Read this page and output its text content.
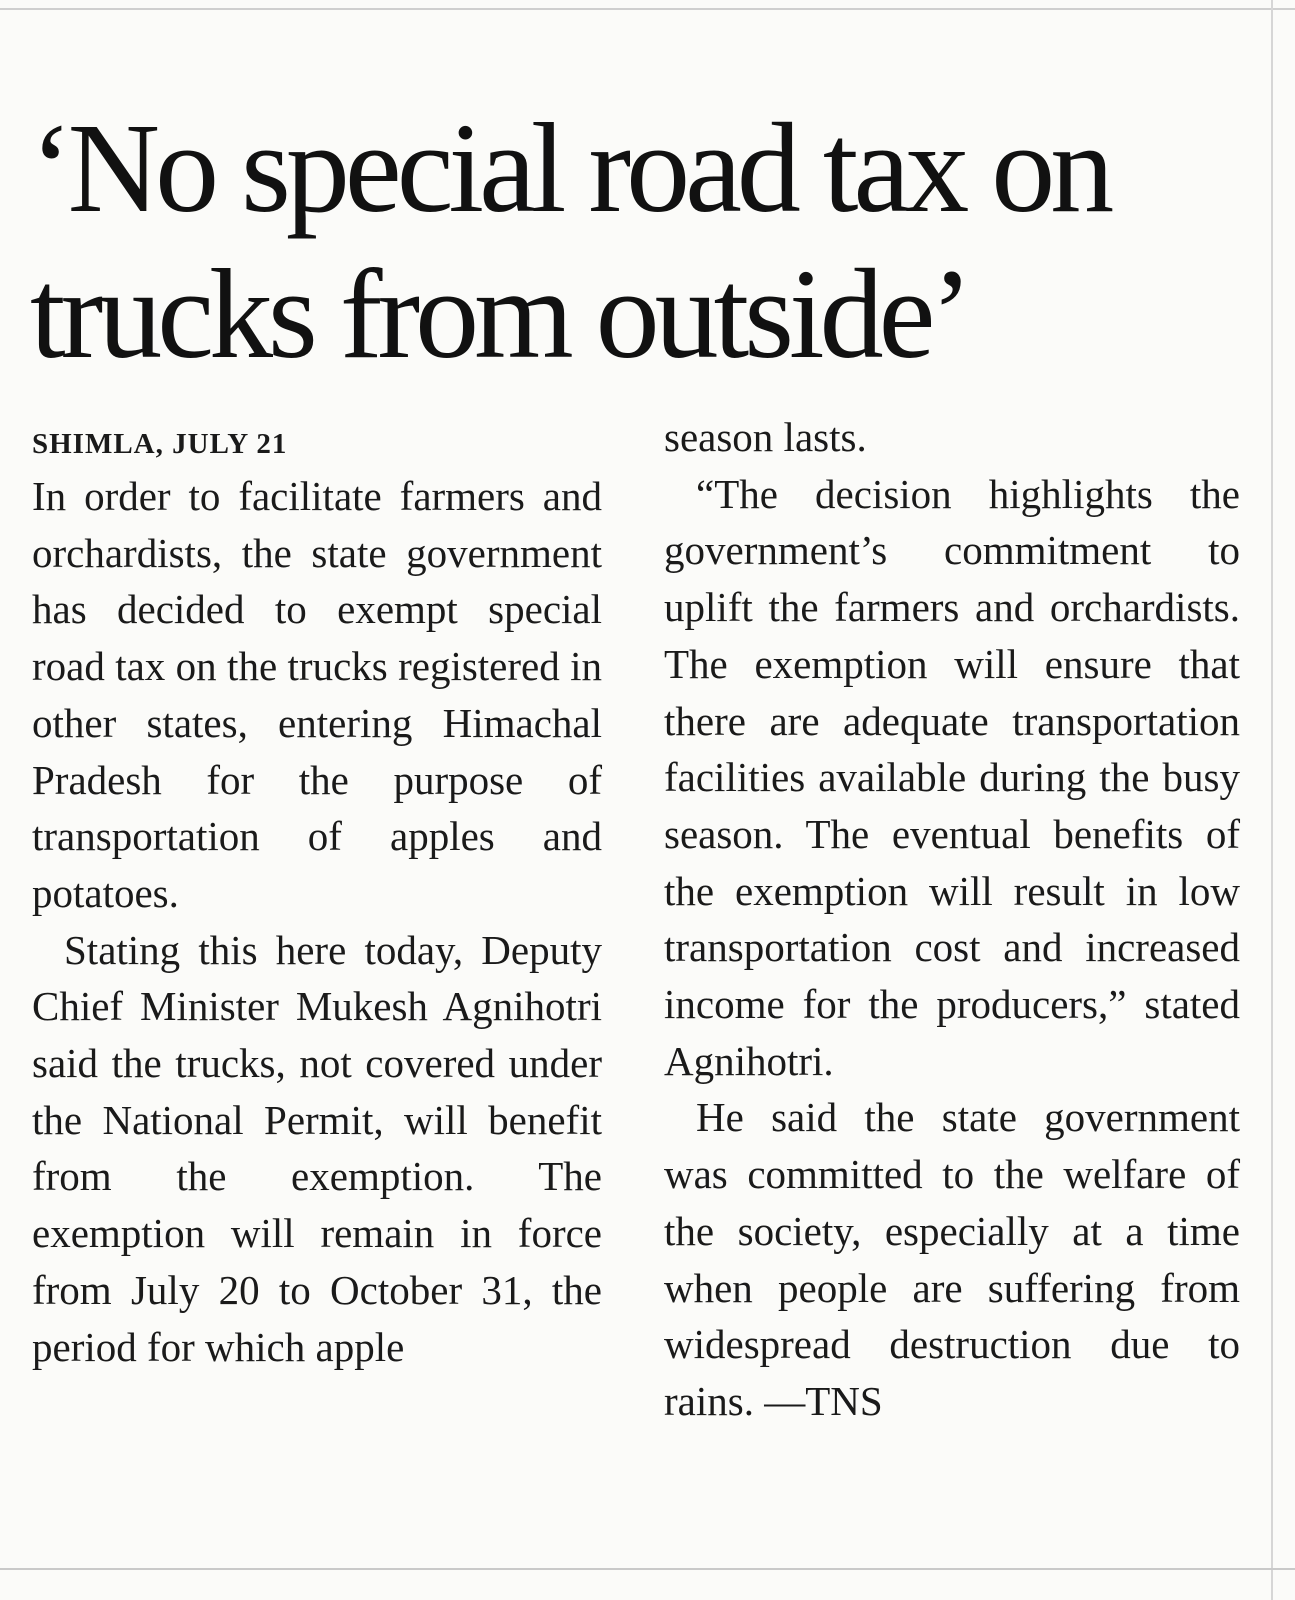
‘No special road tax on trucks from outside’
SHIMLA, JULY 21

In order to facilitate farmers and orchardists, the state government has decided to exempt special road tax on the trucks registered in other states, entering Himachal Pradesh for the purpose of transportation of apples and potatoes.

Stating this here today, Deputy Chief Minister Mukesh Agnihotri said the trucks, not covered under the National Permit, will benefit from the exemption. The exemption will remain in force from July 20 to October 31, the period for which apple

season lasts.

“The decision highlights the government’s commitment to uplift the farmers and orchardists. The exemption will ensure that there are adequate transportation facilities available during the busy season. The eventual benefits of the exemption will result in low transportation cost and increased income for the producers,” stated Agnihotri.

He said the state government was committed to the welfare of the society, especially at a time when people are suffering from widespread destruction due to rains. —TNS
